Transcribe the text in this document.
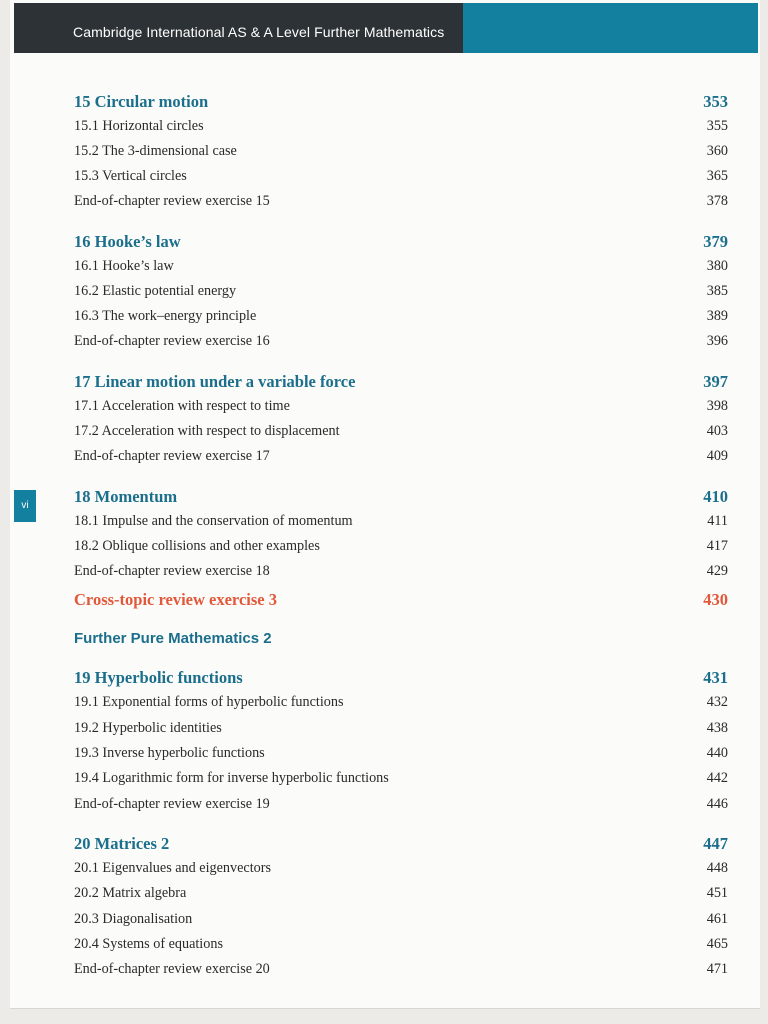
Cambridge International AS & A Level Further Mathematics
vi
15 Circular motion	353
15.1 Horizontal circles	355
15.2 The 3-dimensional case	360
15.3 Vertical circles	365
End-of-chapter review exercise 15	378
16 Hooke’s law	379
16.1 Hooke’s law	380
16.2 Elastic potential energy	385
16.3 The work–energy principle	389
End-of-chapter review exercise 16	396
17 Linear motion under a variable force	397
17.1 Acceleration with respect to time	398
17.2 Acceleration with respect to displacement	403
End-of-chapter review exercise 17	409
18 Momentum	410
18.1 Impulse and the conservation of momentum	411
18.2 Oblique collisions and other examples	417
End-of-chapter review exercise 18	429
Cross-topic review exercise 3	430
Further Pure Mathematics 2
19 Hyperbolic functions	431
19.1 Exponential forms of hyperbolic functions	432
19.2 Hyperbolic identities	438
19.3 Inverse hyperbolic functions	440
19.4 Logarithmic form for inverse hyperbolic functions	442
End-of-chapter review exercise 19	446
20 Matrices 2	447
20.1 Eigenvalues and eigenvectors	448
20.2 Matrix algebra	451
20.3 Diagonalisation	461
20.4 Systems of equations	465
End-of-chapter review exercise 20	471
